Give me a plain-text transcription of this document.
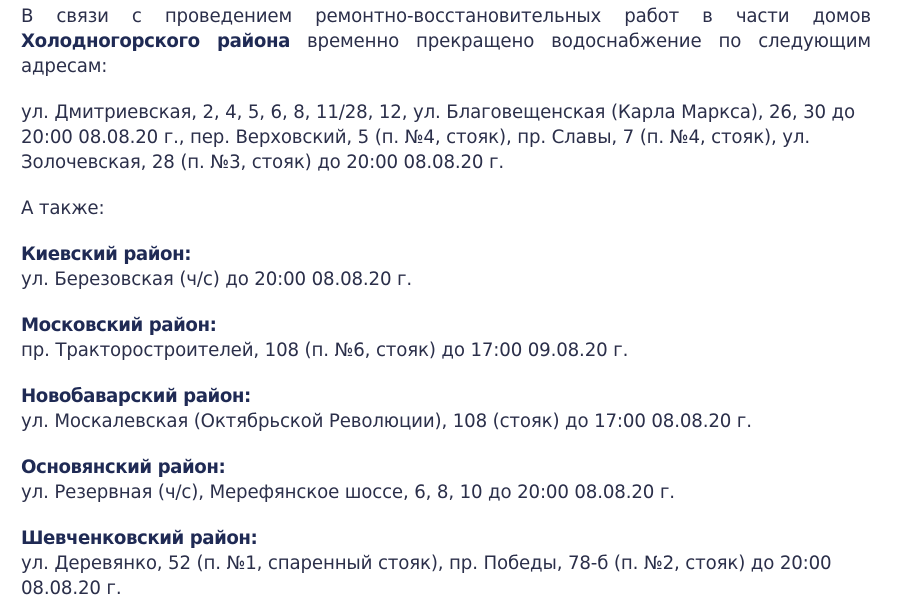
В связи с проведением ремонтно-восстановительных работ в части домов Холодногорского района временно прекращено водоснабжение по следующим адресам:

ул. Дмитриевская, 2, 4, 5, 6, 8, 11/28, 12, ул. Благовещенская (Карла Маркса), 26, 30 до 20:00 08.08.20 г., пер. Верховский, 5 (п. №4, стояк), пр. Славы, 7 (п. №4, стояк), ул. Золочевская, 28 (п. №3, стояк) до 20:00 08.08.20 г.

А также:

Киевский район:
ул. Березовская (ч/с) до 20:00 08.08.20 г.
Московский район:
пр. Тракторостроителей, 108 (п. №6, стояк) до 17:00 09.08.20 г.
Новобаварский район:
ул. Москалевская (Октябрьской Революции), 108 (стояк) до 17:00 08.08.20 г.
Основянский район:
ул. Резервная (ч/с), Мерефянское шоссе, 6, 8, 10 до 20:00 08.08.20 г.
Шевченковский район:
ул. Деревянко, 52 (п. №1, спаренный стояк), пр. Победы, 78-б (п. №2, стояк) до 20:00 08.08.20 г.
